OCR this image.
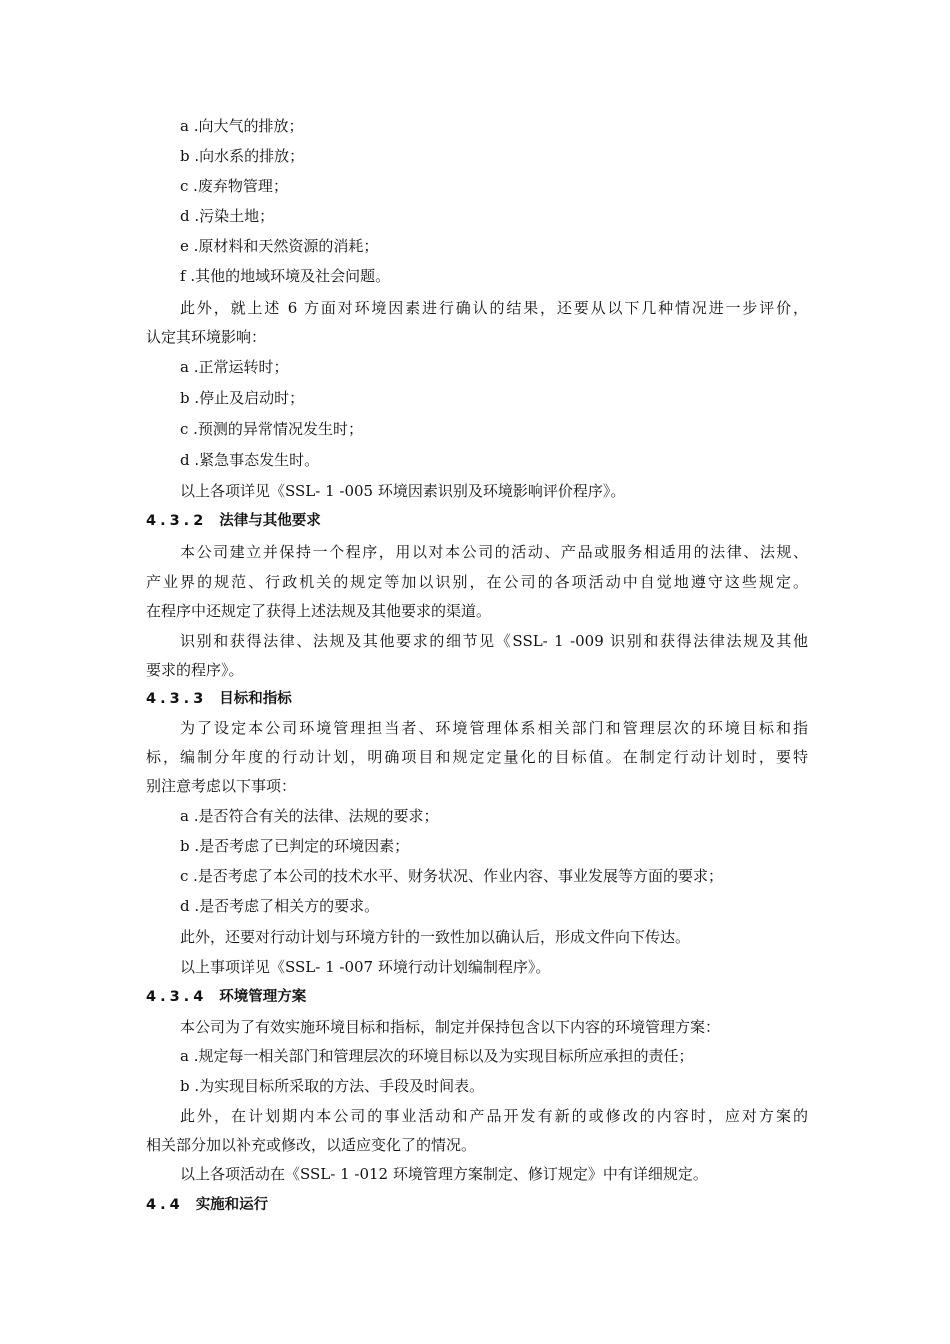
a .向大气的排放；
b .向水系的排放；
c .废弃物管理；
d .污染土地；
e .原材料和天然资源的消耗；
f .其他的地域环境及社会问题。
此外，就上述 6 方面对环境因素进行确认的结果，还要从以下几种情况进一步评价，
认定其环境影响：
a .正常运转时；
b .停止及启动时；
c .预测的异常情况发生时；
d .紧急事态发生时。
以上各项详见《SSL- 1 -005 环境因素识别及环境影响评价程序》。
4.3.2 法律与其他要求
本公司建立并保持一个程序，用以对本公司的活动、产品或服务相适用的法律、法规、
产业界的规范、行政机关的规定等加以识别，在公司的各项活动中自觉地遵守这些规定。
在程序中还规定了获得上述法规及其他要求的渠道。
识别和获得法律、法规及其他要求的细节见《SSL- 1 -009 识别和获得法律法规及其他
要求的程序》。
4.3.3 目标和指标
为了设定本公司环境管理担当者、环境管理体系相关部门和管理层次的环境目标和指
标，编制分年度的行动计划，明确项目和规定定量化的目标值。在制定行动计划时，要特
别注意考虑以下事项：
a .是否符合有关的法律、法规的要求；
b .是否考虑了已判定的环境因素；
c .是否考虑了本公司的技术水平、财务状况、作业内容、事业发展等方面的要求；
d .是否考虑了相关方的要求。
此外，还要对行动计划与环境方针的一致性加以确认后，形成文件向下传达。
以上事项详见《SSL- 1 -007 环境行动计划编制程序》。
4.3.4 环境管理方案
本公司为了有效实施环境目标和指标，制定并保持包含以下内容的环境管理方案：
a .规定每一相关部门和管理层次的环境目标以及为实现目标所应承担的责任；
b .为实现目标所采取的方法、手段及时间表。
此外，在计划期内本公司的事业活动和产品开发有新的或修改的内容时，应对方案的
相关部分加以补充或修改，以适应变化了的情况。
以上各项活动在《SSL- 1 -012 环境管理方案制定、修订规定》中有详细规定。
4.4 实施和运行
